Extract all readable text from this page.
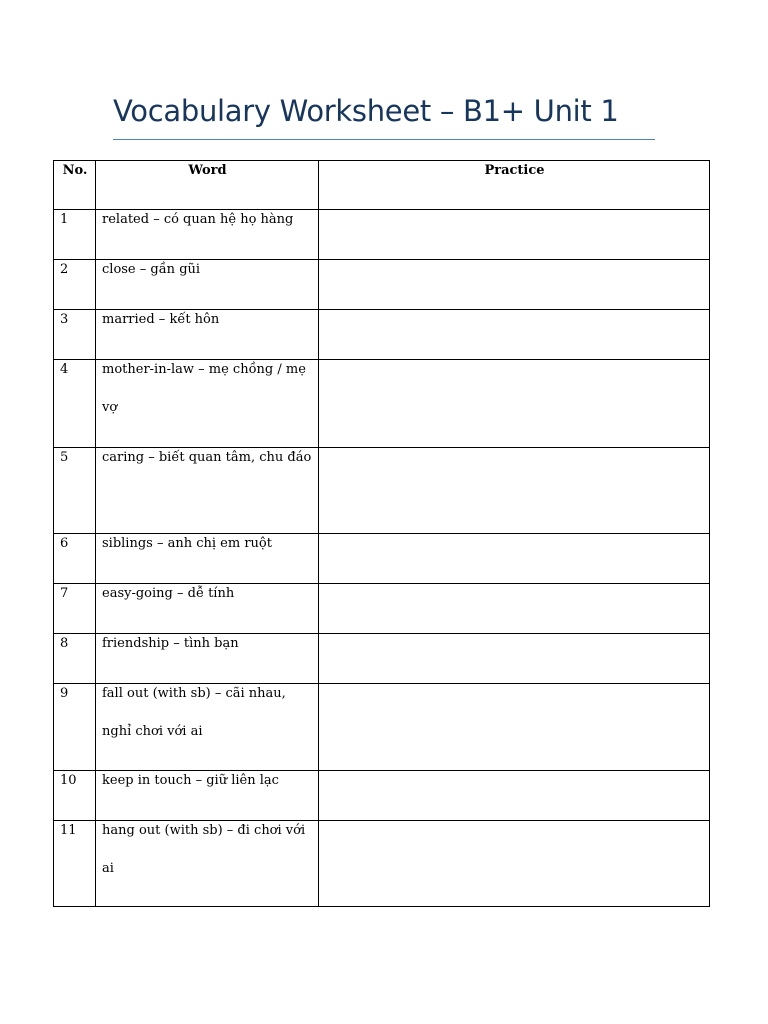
Vocabulary Worksheet – B1+ Unit 1
No.	Word	Practice

1	related – có quan hệ họ hàng	

2	close – gần gũi	

3	married – kết hôn	

4	mother-in-law – mẹ chồng / mẹ vợ	

5	caring – biết quan tâm, chu đáo	

6	siblings – anh chị em ruột	

7	easy-going – dễ tính	

8	friendship – tình bạn	

9	fall out (with sb) – cãi nhau, nghỉ chơi với ai	

10	keep in touch – giữ liên lạc	

11	hang out (with sb) – đi chơi với ai	
